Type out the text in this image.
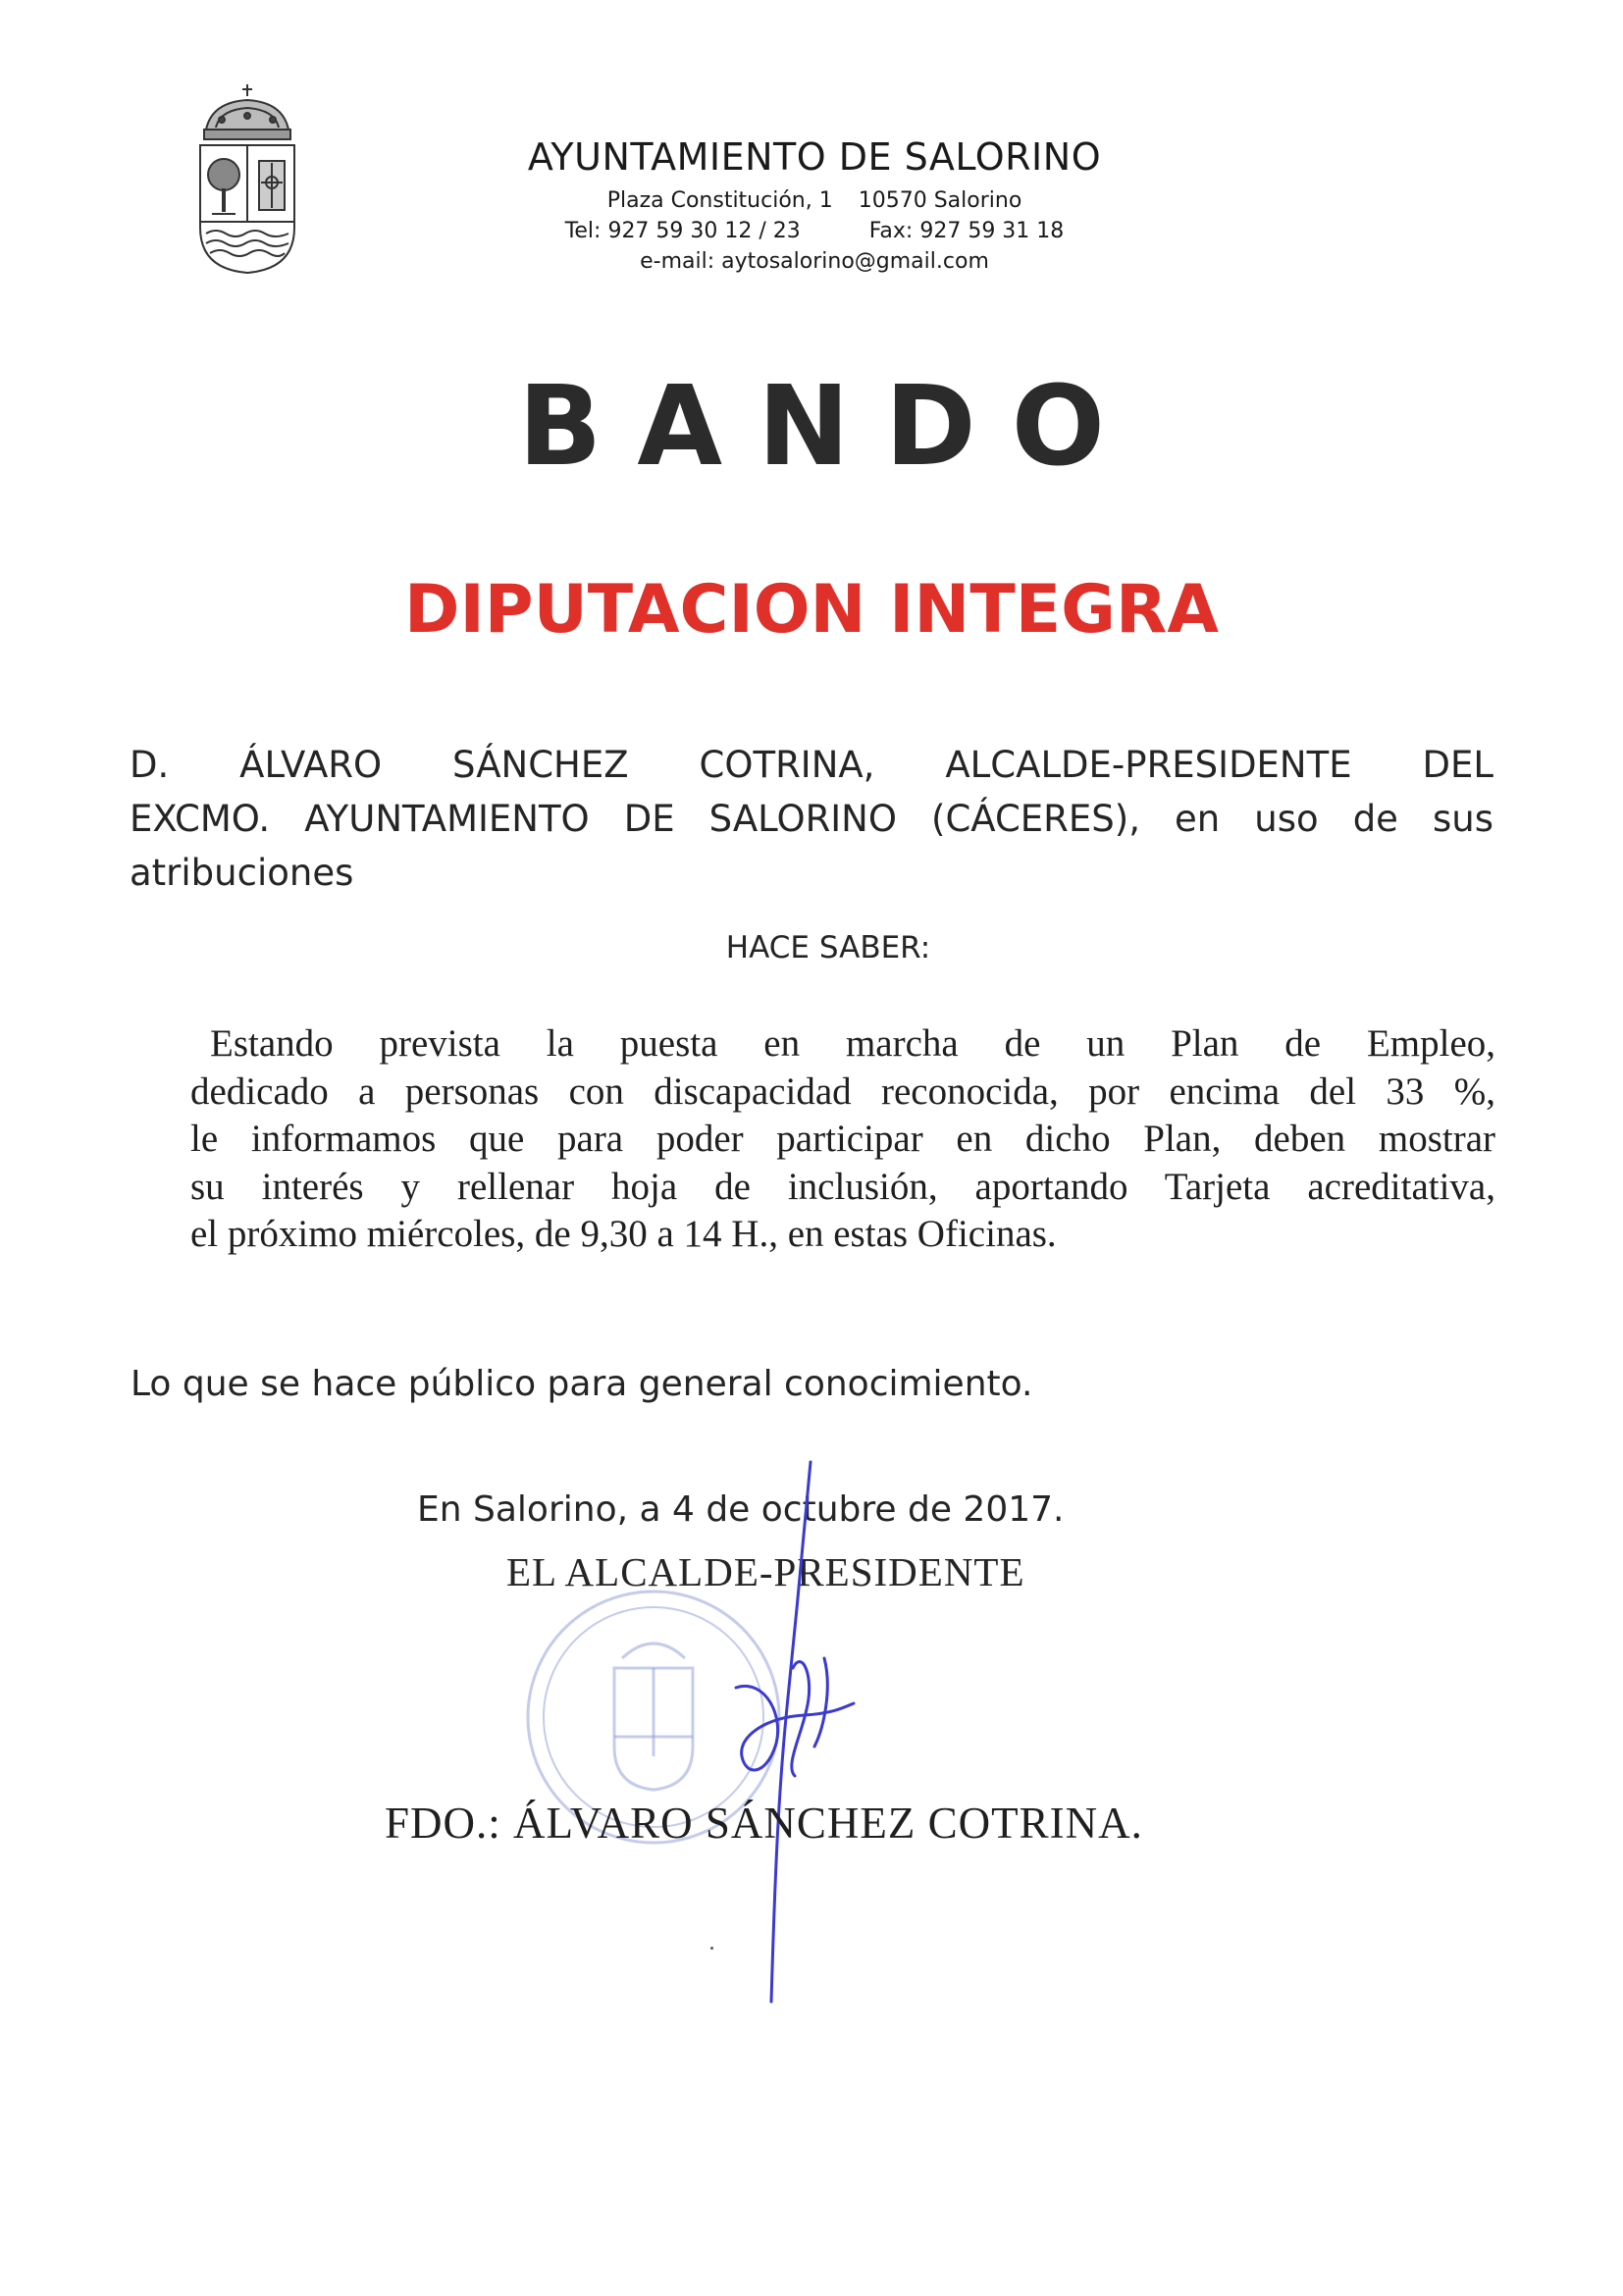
AYUNTAMIENTO DE SALORINO
Plaza Constitución, 1 10570 Salorino
Tel: 927 59 30 12 / 23	Fax: 927 59 31 18
e-mail: aytosalorino@gmail.com
BANDO
DIPUTACION INTEGRA
D. ÁLVARO SÁNCHEZ COTRINA, ALCALDE-PRESIDENTE DEL
EXCMO. AYUNTAMIENTO DE SALORINO (CÁCERES), en uso de sus
atribuciones
HACE SABER:
Estando prevista la puesta en marcha de un Plan de Empleo,
dedicado a personas con discapacidad reconocida, por encima del 33 %,
le informamos que para poder participar en dicho Plan, deben mostrar
su interés y rellenar hoja de inclusión, aportando Tarjeta acreditativa,
el próximo miércoles, de 9,30 a 14 H., en estas Oficinas.
Lo que se hace público para general conocimiento.
En Salorino, a 4 de octubre de 2017.
EL ALCALDE-PRESIDENTE
FDO.: ÁLVARO SÁNCHEZ COTRINA.
